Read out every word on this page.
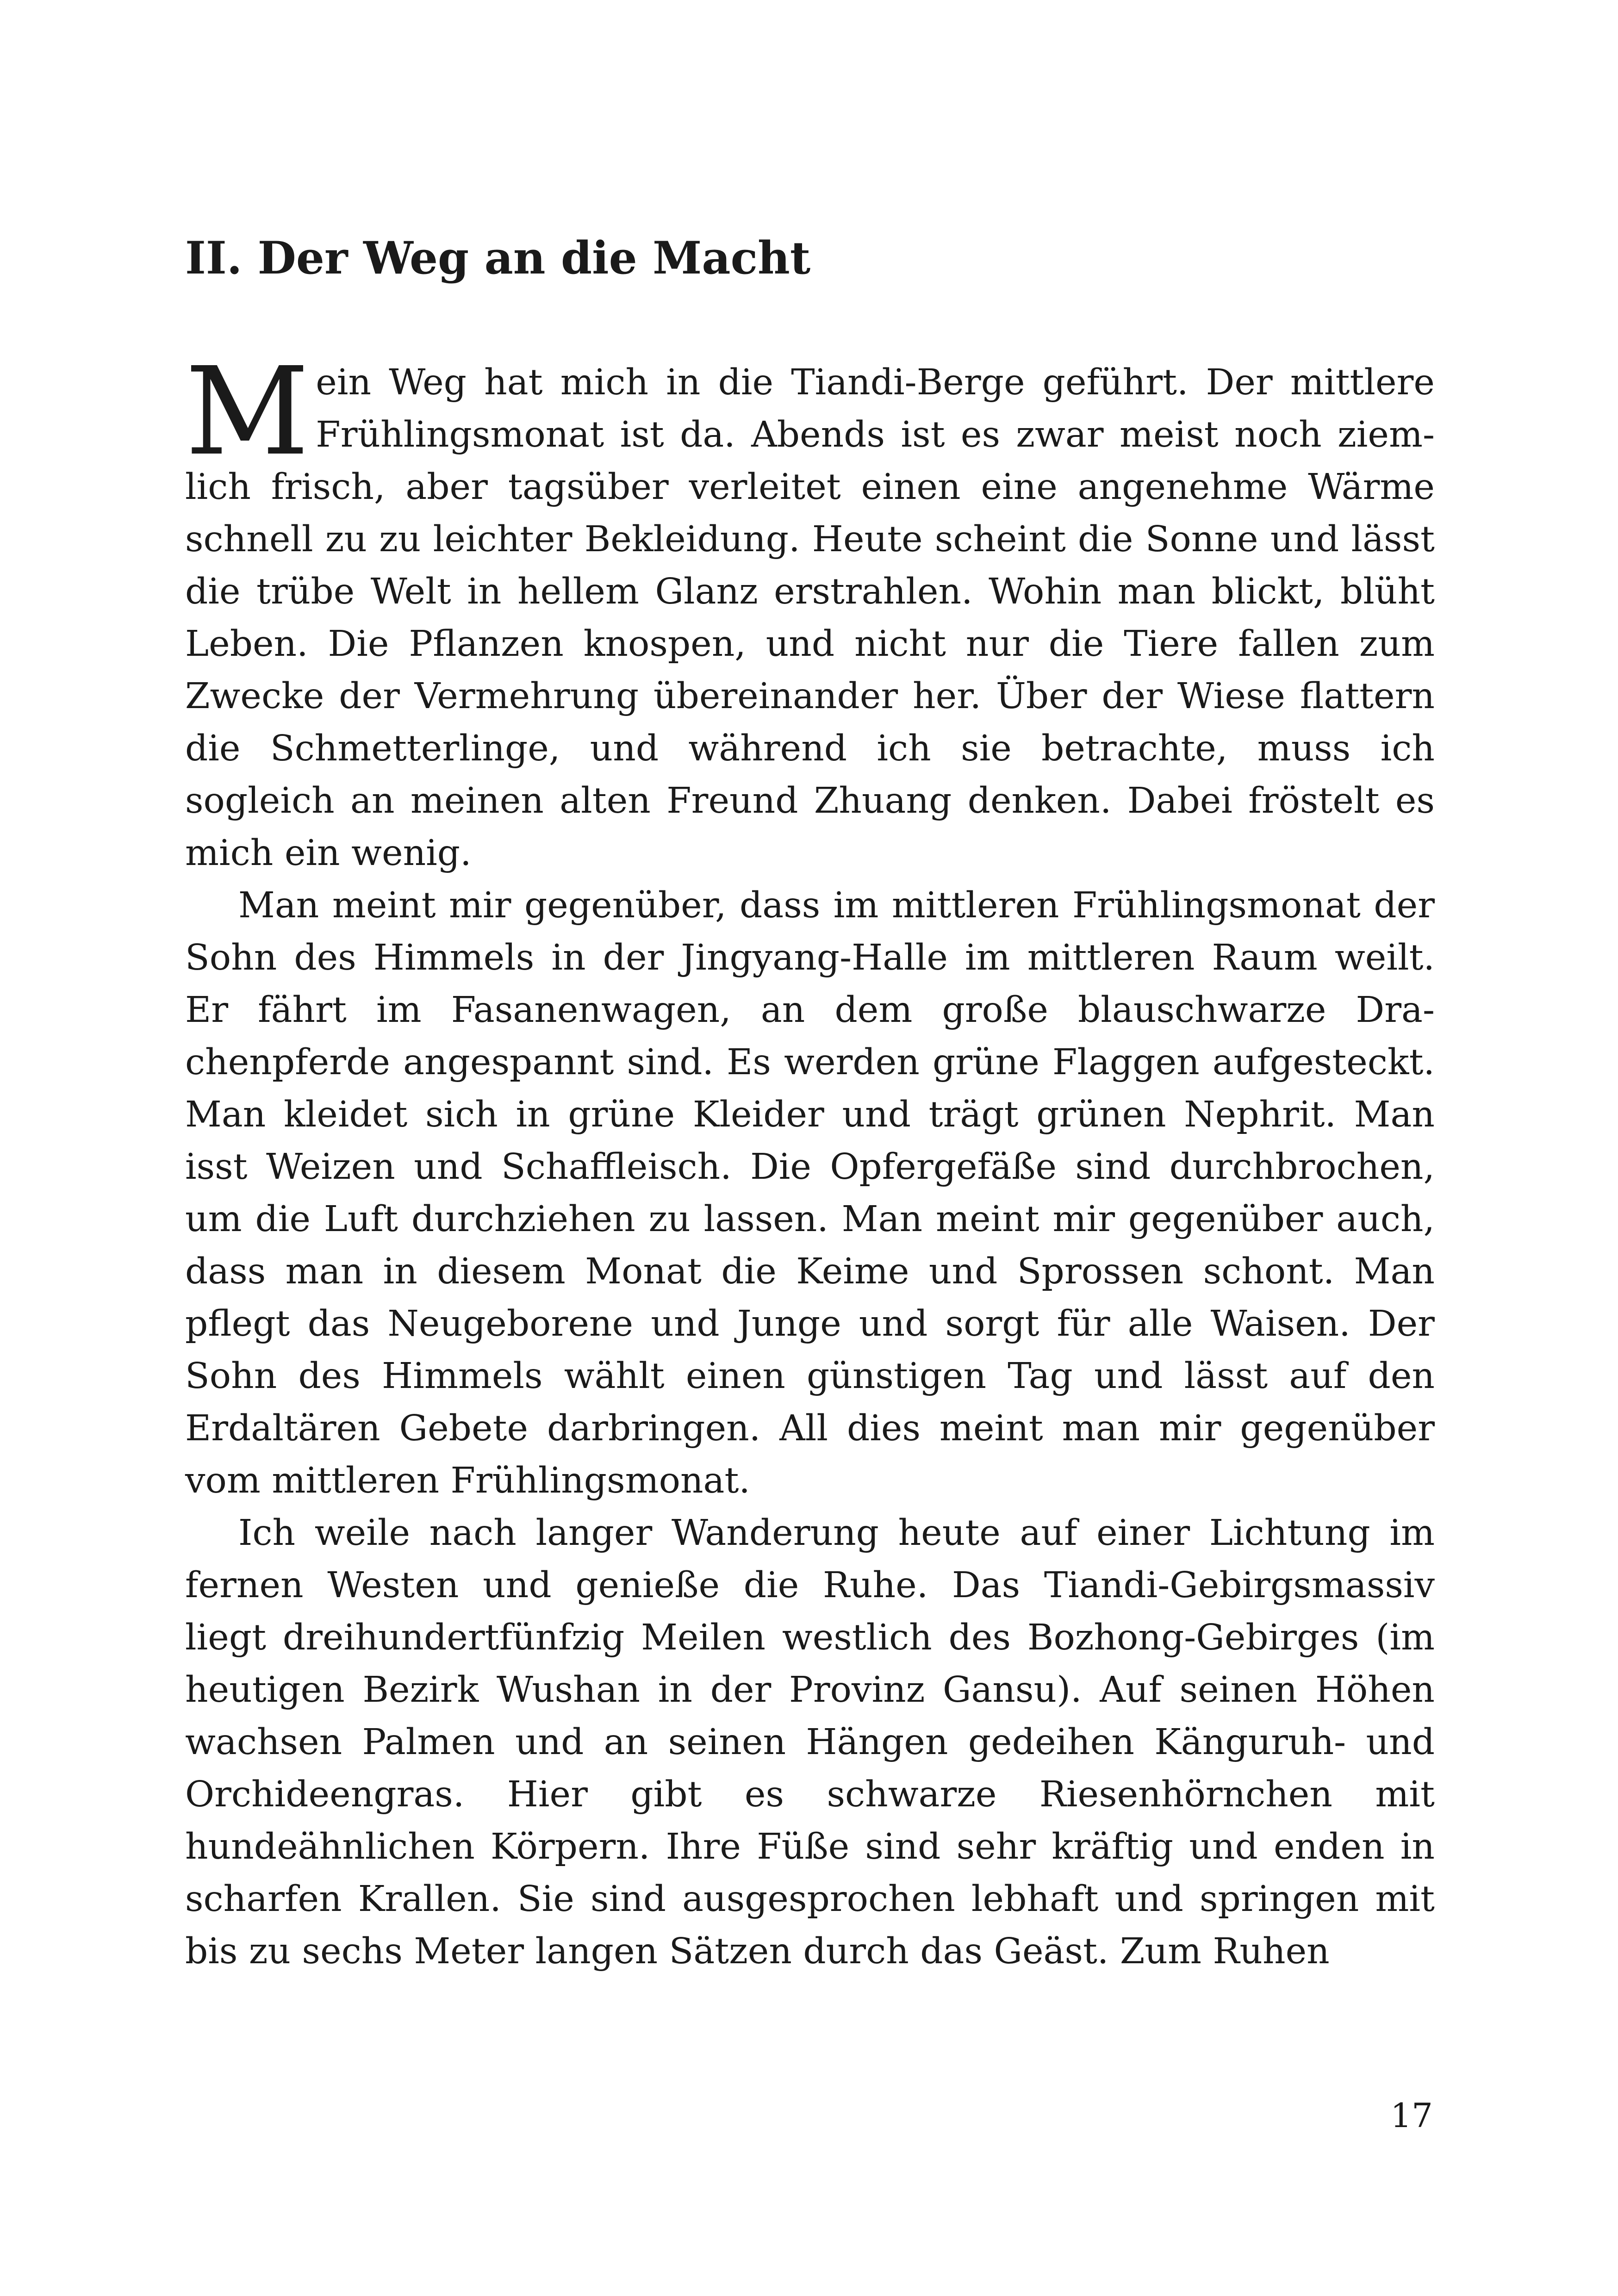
II. Der Weg an die Macht

Mein Weg hat mich in die Tiandi-Berge geführt. Der mittlere Frühlingsmonat ist da. Abends ist es zwar meist noch ziemlich frisch, aber tagsüber verleitet einen eine angenehme Wärme schnell zu zu leichter Bekleidung. Heute scheint die Sonne und lässt die trübe Welt in hellem Glanz erstrahlen. Wohin man blickt, blüht Leben. Die Pflanzen knospen, und nicht nur die Tiere fallen zum Zwecke der Vermehrung übereinander her. Über der Wiese flattern die Schmetterlinge, und während ich sie betrachte, muss ich sogleich an meinen alten Freund Zhuang denken. Dabei fröstelt es mich ein wenig.

Man meint mir gegenüber, dass im mittleren Frühlingsmonat der Sohn des Himmels in der Jingyang-Halle im mittleren Raum weilt. Er fährt im Fasanenwagen, an dem große blauschwarze Drachenpferde angespannt sind. Es werden grüne Flaggen aufgesteckt. Man kleidet sich in grüne Kleider und trägt grünen Nephrit. Man isst Weizen und Schaffleisch. Die Opfergefäße sind durchbrochen, um die Luft durchziehen zu lassen. Man meint mir gegenüber auch, dass man in diesem Monat die Keime und Sprossen schont. Man pflegt das Neugeborene und Junge und sorgt für alle Waisen. Der Sohn des Himmels wählt einen günstigen Tag und lässt auf den Erdaltären Gebete darbringen. All dies meint man mir gegenüber vom mittleren Frühlingsmonat.

Ich weile nach langer Wanderung heute auf einer Lichtung im fernen Westen und genieße die Ruhe. Das Tiandi-Gebirgsmassiv liegt dreihundertfünfzig Meilen westlich des Bozhong-Gebirges (im heutigen Bezirk Wushan in der Provinz Gansu). Auf seinen Höhen wachsen Palmen und an seinen Hängen gedeihen Känguruh- und Orchideengras. Hier gibt es schwarze Riesenhörnchen mit hundeähnlichen Körpern. Ihre Füße sind sehr kräftig und enden in scharfen Krallen. Sie sind ausgesprochen lebhaft und springen mit bis zu sechs Meter langen Sätzen durch das Geäst. Zum Ruhen

17
